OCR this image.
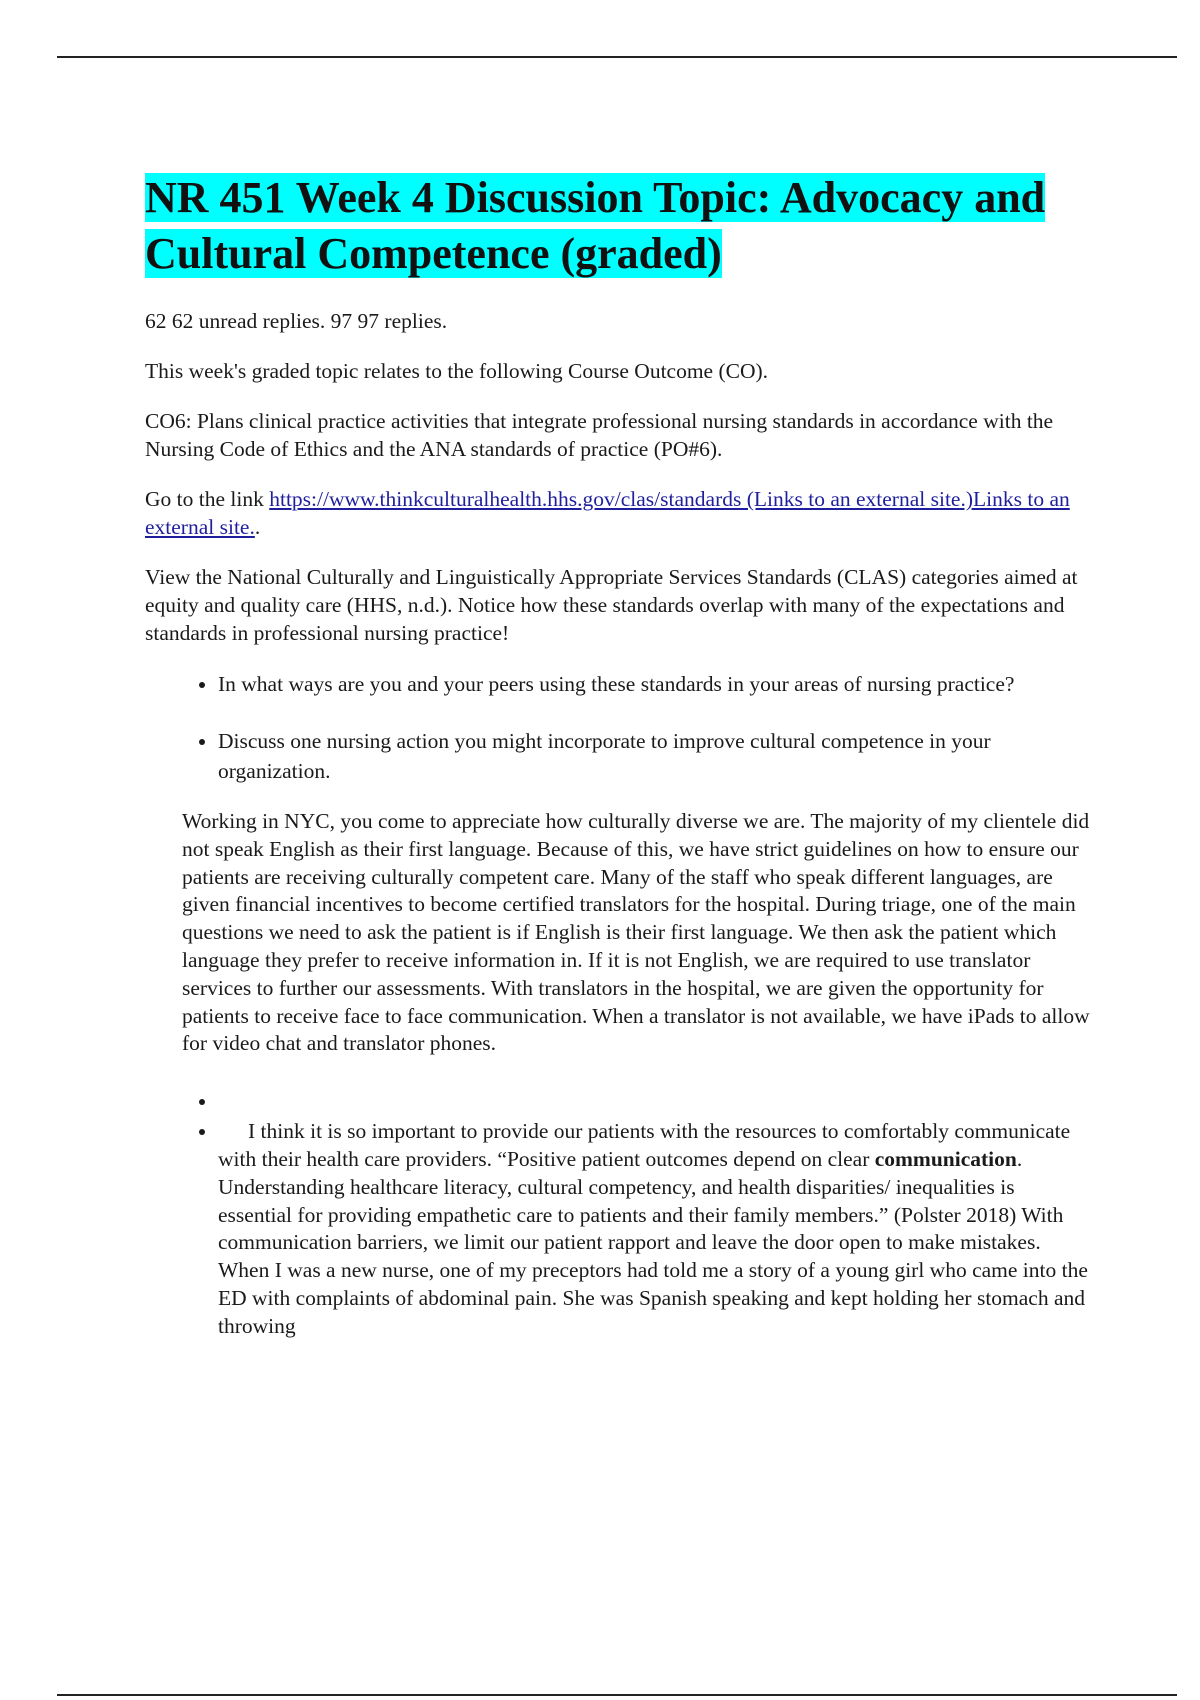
NR 451 Week 4 Discussion Topic: Advocacy and Cultural Competence (graded)

62 62 unread replies. 97 97 replies.

This week's graded topic relates to the following Course Outcome (CO).

CO6: Plans clinical practice activities that integrate professional nursing standards in accordance with the Nursing Code of Ethics and the ANA standards of practice (PO#6).

Go to the link https://www.thinkculturalhealth.hhs.gov/clas/standards (Links to an external site.)Links to an external site..

View the National Culturally and Linguistically Appropriate Services Standards (CLAS) categories aimed at equity and quality care (HHS, n.d.). Notice how these standards overlap with many of the expectations and standards in professional nursing practice!

• In what ways are you and your peers using these standards in your areas of nursing practice?
• Discuss one nursing action you might incorporate to improve cultural competence in your organization.

Working in NYC, you come to appreciate how culturally diverse we are. The majority of my clientele did not speak English as their first language. Because of this, we have strict guidelines on how to ensure our patients are receiving culturally competent care. Many of the staff who speak different languages, are given financial incentives to become certified translators for the hospital. During triage, one of the main questions we need to ask the patient is if English is their first language. We then ask the patient which language they prefer to receive information in. If it is not English, we are required to use translator services to further our assessments. With translators in the hospital, we are given the opportunity for patients to receive face to face communication. When a translator is not available, we have iPads to allow for video chat and translator phones.

•
• I think it is so important to provide our patients with the resources to comfortably communicate with their health care providers. “Positive patient outcomes depend on clear communication. Understanding healthcare literacy, cultural competency, and health disparities/ inequalities is essential for providing empathetic care to patients and their family members.” (Polster 2018) With communication barriers, we limit our patient rapport and leave the door open to make mistakes. When I was a new nurse, one of my preceptors had told me a story of a young girl who came into the ED with complaints of abdominal pain. She was Spanish speaking and kept holding her stomach and throwing
